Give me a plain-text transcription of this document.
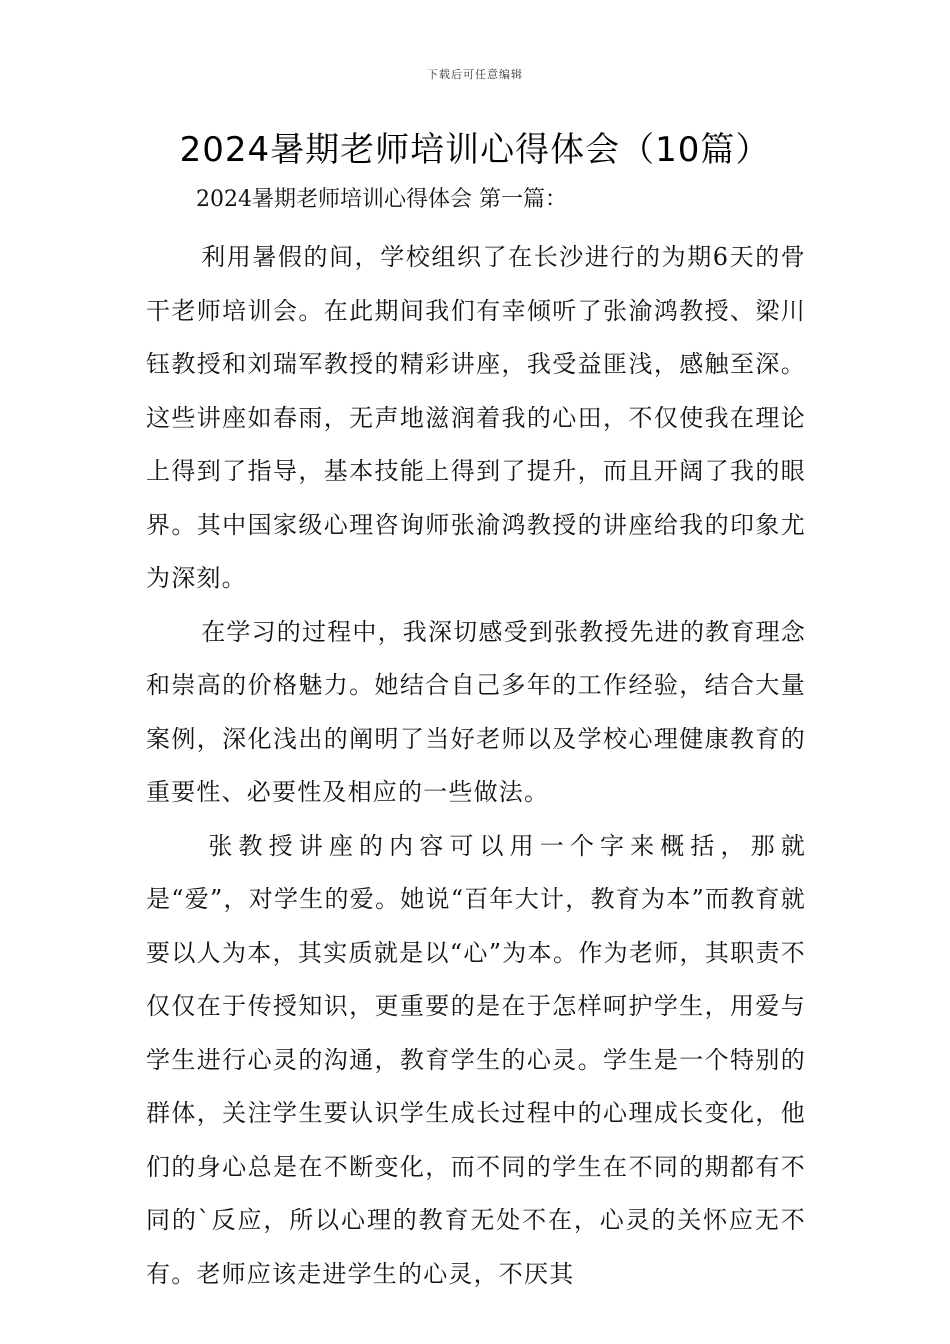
下载后可任意编辑
2024暑期老师培训心得体会（10篇）
2024暑期老师培训心得体会 第一篇：

利用暑假的间，学校组织了在长沙进行的为期6天的骨干老师培训会。在此期间我们有幸倾听了张渝鸿教授、梁川钰教授和刘瑞军教授的精彩讲座，我受益匪浅，感触至深。这些讲座如春雨，无声地滋润着我的心田，不仅使我在理论上得到了指导，基本技能上得到了提升，而且开阔了我的眼界。其中国家级心理咨询师张渝鸿教授的讲座给我的印象尤为深刻。

在学习的过程中，我深切感受到张教授先进的教育理念和崇高的价格魅力。她结合自己多年的工作经验，结合大量案例，深化浅出的阐明了当好老师以及学校心理健康教育的重要性、必要性及相应的一些做法。

张教授讲座的内容可以用一个字来概括，那就是“爱”，对学生的爱。她说“百年大计，教育为本”而教育就要以人为本，其实质就是以“心”为本。作为老师，其职责不仅仅在于传授知识，更重要的是在于怎样呵护学生，用爱与学生进行心灵的沟通，教育学生的心灵。学生是一个特别的群体，关注学生要认识学生成长过程中的心理成长变化，他们的身心总是在不断变化，而不同的学生在不同的期都有不同的`反应，所以心理的教育无处不在，心灵的关怀应无不有。老师应该走进学生的心灵，不厌其
